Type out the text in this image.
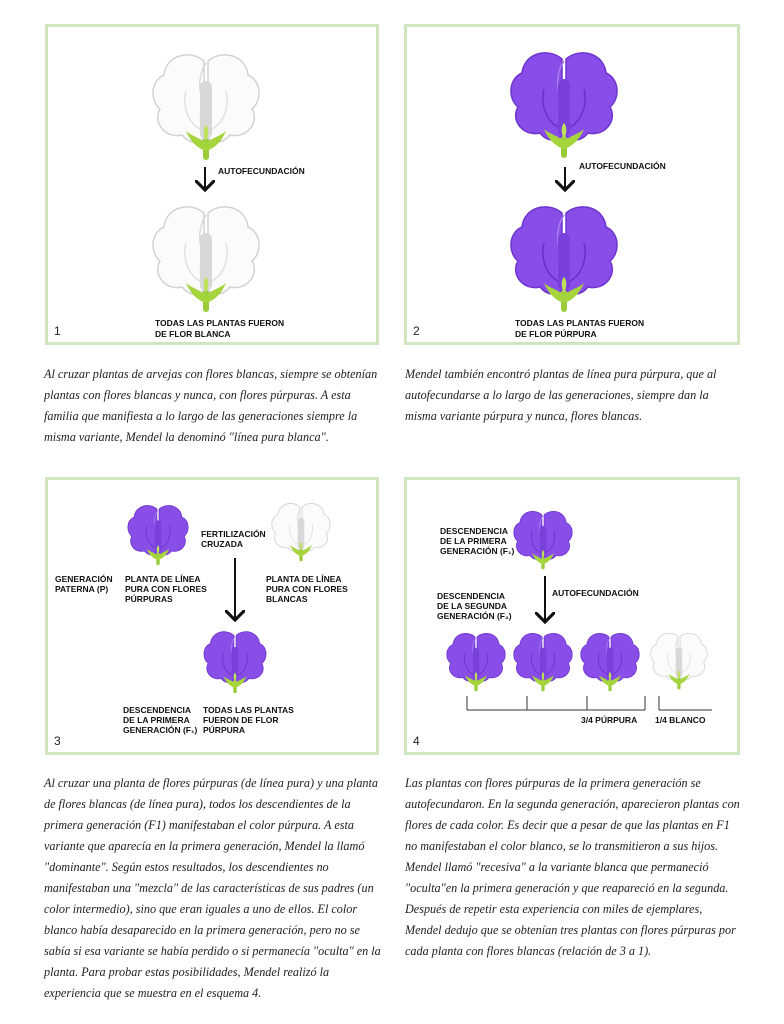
AUTOFECUNDACIÓN
TODAS LAS PLANTAS FUERON
DE FLOR BLANCA
1
AUTOFECUNDACIÓN
TODAS LAS PLANTAS FUERON
DE FLOR PÚRPURA
2
Al cruzar plantas de arvejas con flores blancas, siempre se obtenían plantas con flores blancas y nunca, con flores púrpuras. A esta familia que manifiesta a lo largo de las generaciones siempre la misma variante, Mendel la denominó "línea pura blanca".
Mendel también encontró plantas de línea pura púrpura, que al autofecundarse a lo largo de las generaciones, siempre dan la misma variante púrpura y nunca, flores blancas.
FERTILIZACIÓN
CRUZADA
GENERACIÓN
PATERNA (P)
PLANTA DE LÍNEA
PURA CON FLORES
PÚRPURAS
PLANTA DE LÍNEA
PURA CON FLORES
BLANCAS
DESCENDENCIA
DE LA PRIMERA
GENERACIÓN (F₁)
TODAS LAS PLANTAS
FUERON DE FLOR
PÚRPURA
3
DESCENDENCIA
DE LA PRIMERA
GENERACIÓN (F₁)
AUTOFECUNDACIÓN
DESCENDENCIA
DE LA SEGUNDA
GENERACIÓN (F₂)
3/4 PÚRPURA 1/4 BLANCO
4
Al cruzar una planta de flores púrpuras (de línea pura) y una planta de flores blancas (de línea pura), todos los descendientes de la primera generación (F1) manifestaban el color púrpura. A esta variante que aparecía en la primera generación, Mendel la llamó "dominante". Según estos resultados, los descendientes no manifestaban una "mezcla" de las características de sus padres (un color intermedio), sino que eran iguales a uno de ellos. El color blanco había desaparecido en la primera generación, pero no se sabía si esa variante se había perdido o si permanecía "oculta" en la planta. Para probar estas posibilidades, Mendel realizó la experiencia que se muestra en el esquema 4.
Las plantas con flores púrpuras de la primera generación se autofecundaron. En la segunda generación, aparecieron plantas con flores de cada color. Es decir que a pesar de que las plantas en F1 no manifestaban el color blanco, se lo transmitieron a sus hijos. Mendel llamó "recesiva" a la variante blanca que permaneció "oculta"en la primera generación y que reapareció en la segunda. Después de repetir esta experiencia con miles de ejemplares, Mendel dedujo que se obtenían tres plantas con flores púrpuras por cada planta con flores blancas (relación de 3 a 1).
